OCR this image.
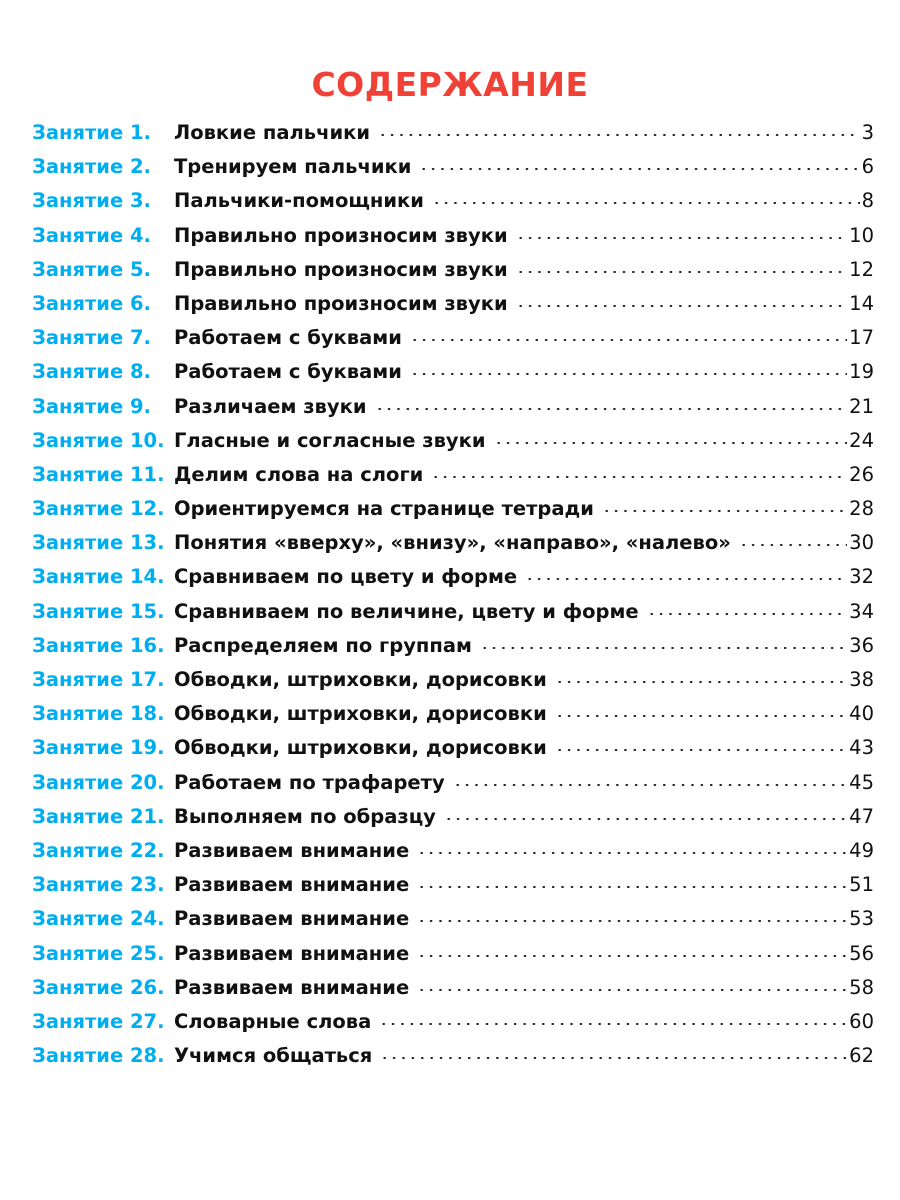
СОДЕРЖАНИЕ
Занятие 1.	Ловкие пальчики	3
Занятие 2.	Тренируем пальчики	6
Занятие 3.	Пальчики-помощники	8
Занятие 4.	Правильно произносим звуки	10
Занятие 5.	Правильно произносим звуки	12
Занятие 6.	Правильно произносим звуки	14
Занятие 7.	Работаем с буквами	17
Занятие 8.	Работаем с буквами	19
Занятие 9.	Различаем звуки	21
Занятие 10. Гласные и согласные звуки	24
Занятие 11. Делим слова на слоги	26
Занятие 12. Ориентируемся на странице тетради	28
Занятие 13. Понятия «вверху», «внизу», «направо», «налево»	30
Занятие 14. Сравниваем по цвету и форме	32
Занятие 15. Сравниваем по величине, цвету и форме	34
Занятие 16. Распределяем по группам	36
Занятие 17. Обводки, штриховки, дорисовки	38
Занятие 18. Обводки, штриховки, дорисовки	40
Занятие 19. Обводки, штриховки, дорисовки	43
Занятие 20. Работаем по трафарету	45
Занятие 21. Выполняем по образцу	47
Занятие 22. Развиваем внимание	49
Занятие 23. Развиваем внимание	51
Занятие 24. Развиваем внимание	53
Занятие 25. Развиваем внимание	56
Занятие 26. Развиваем внимание	58
Занятие 27. Словарные слова	60
Занятие 28. Учимся общаться	62
